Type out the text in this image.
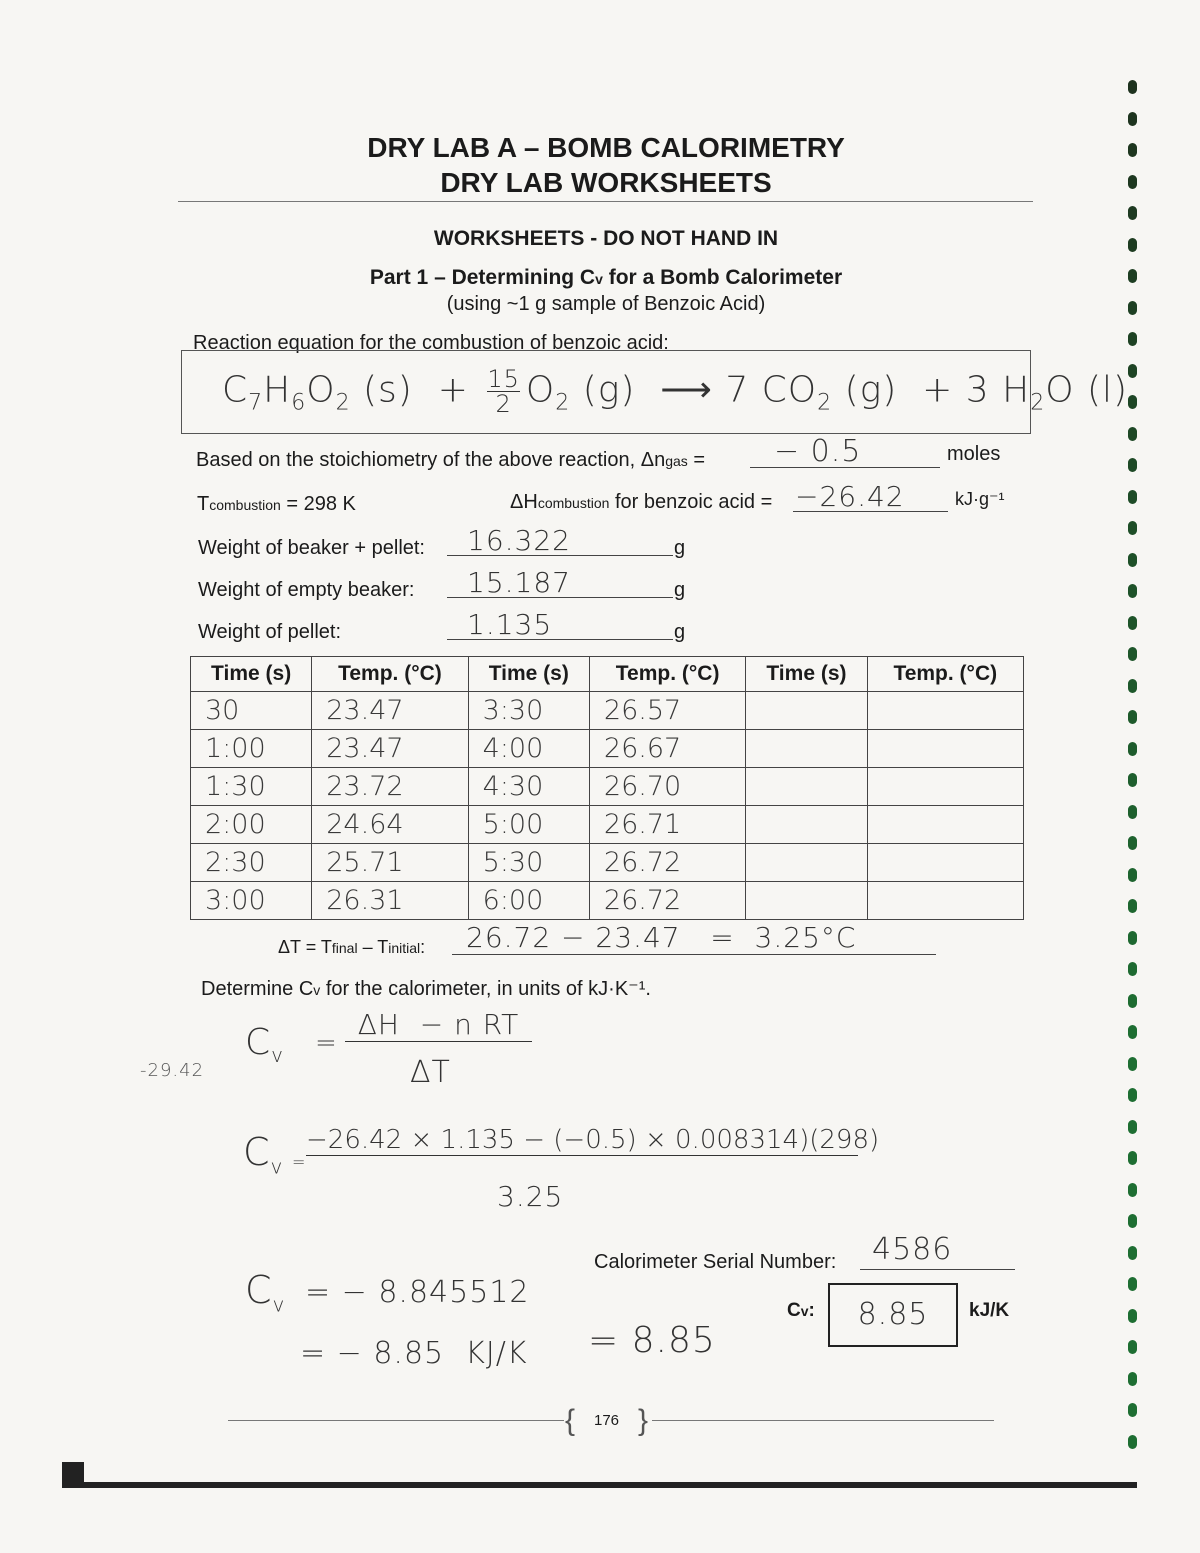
DRY LAB A – BOMB CALORIMETRY
DRY LAB WORKSHEETS
WORKSHEETS - DO NOT HAND IN
Part 1 – Determining Cv for a Bomb Calorimeter
(using ~1 g sample of Benzoic Acid)
Reaction equation for the combustion of benzoic acid:
$C_7H_6O_2$ $(s) + \frac{15}{2} O_2$ (g)  ⟶ 7 $CO_2$ (g)  + 3 $H_2O$ (l)
Based on the stoichiometry of the above reaction, Δngas =	− 0.5	moles
Tcombustion = 298 K	ΔHcombustion for benzoic acid = −26.42	kJ·g⁻¹
Weight of beaker + pellet:	16.322	g
Weight of empty beaker:	15.187	g
Weight of pellet:	1.135	g
Time (s)	Temp. (°C)	Time (s)	Temp. (°C)	Time (s)	Temp. (°C)
30	23.47	3:30	26.57		
1:00	23.47	4:00	26.67		
1:30	23.72	4:30	26.70		
2:00	24.64	5:00	26.71		
2:30	25.71	5:30	26.72		
3:00	26.31	6:00	26.72		
ΔT = Tfinal – Tinitial:	26.72 − 23.47   =  3.25°C
Determine Cv for the calorimeter, in units of kJ·K⁻¹.
-29.42
$C_v$ =
ΔH  − n RT
ΔT
$C_v$ =
−26.42 × 1.135 − (−0.5) × 0.008314)(298)
3.25
$C_v$ = − 8.845512
= − 8.85  KJ/K = 8.85
Calorimeter Serial Number:	4586
Cv:	8.85	kJ/K
{ 176 }
